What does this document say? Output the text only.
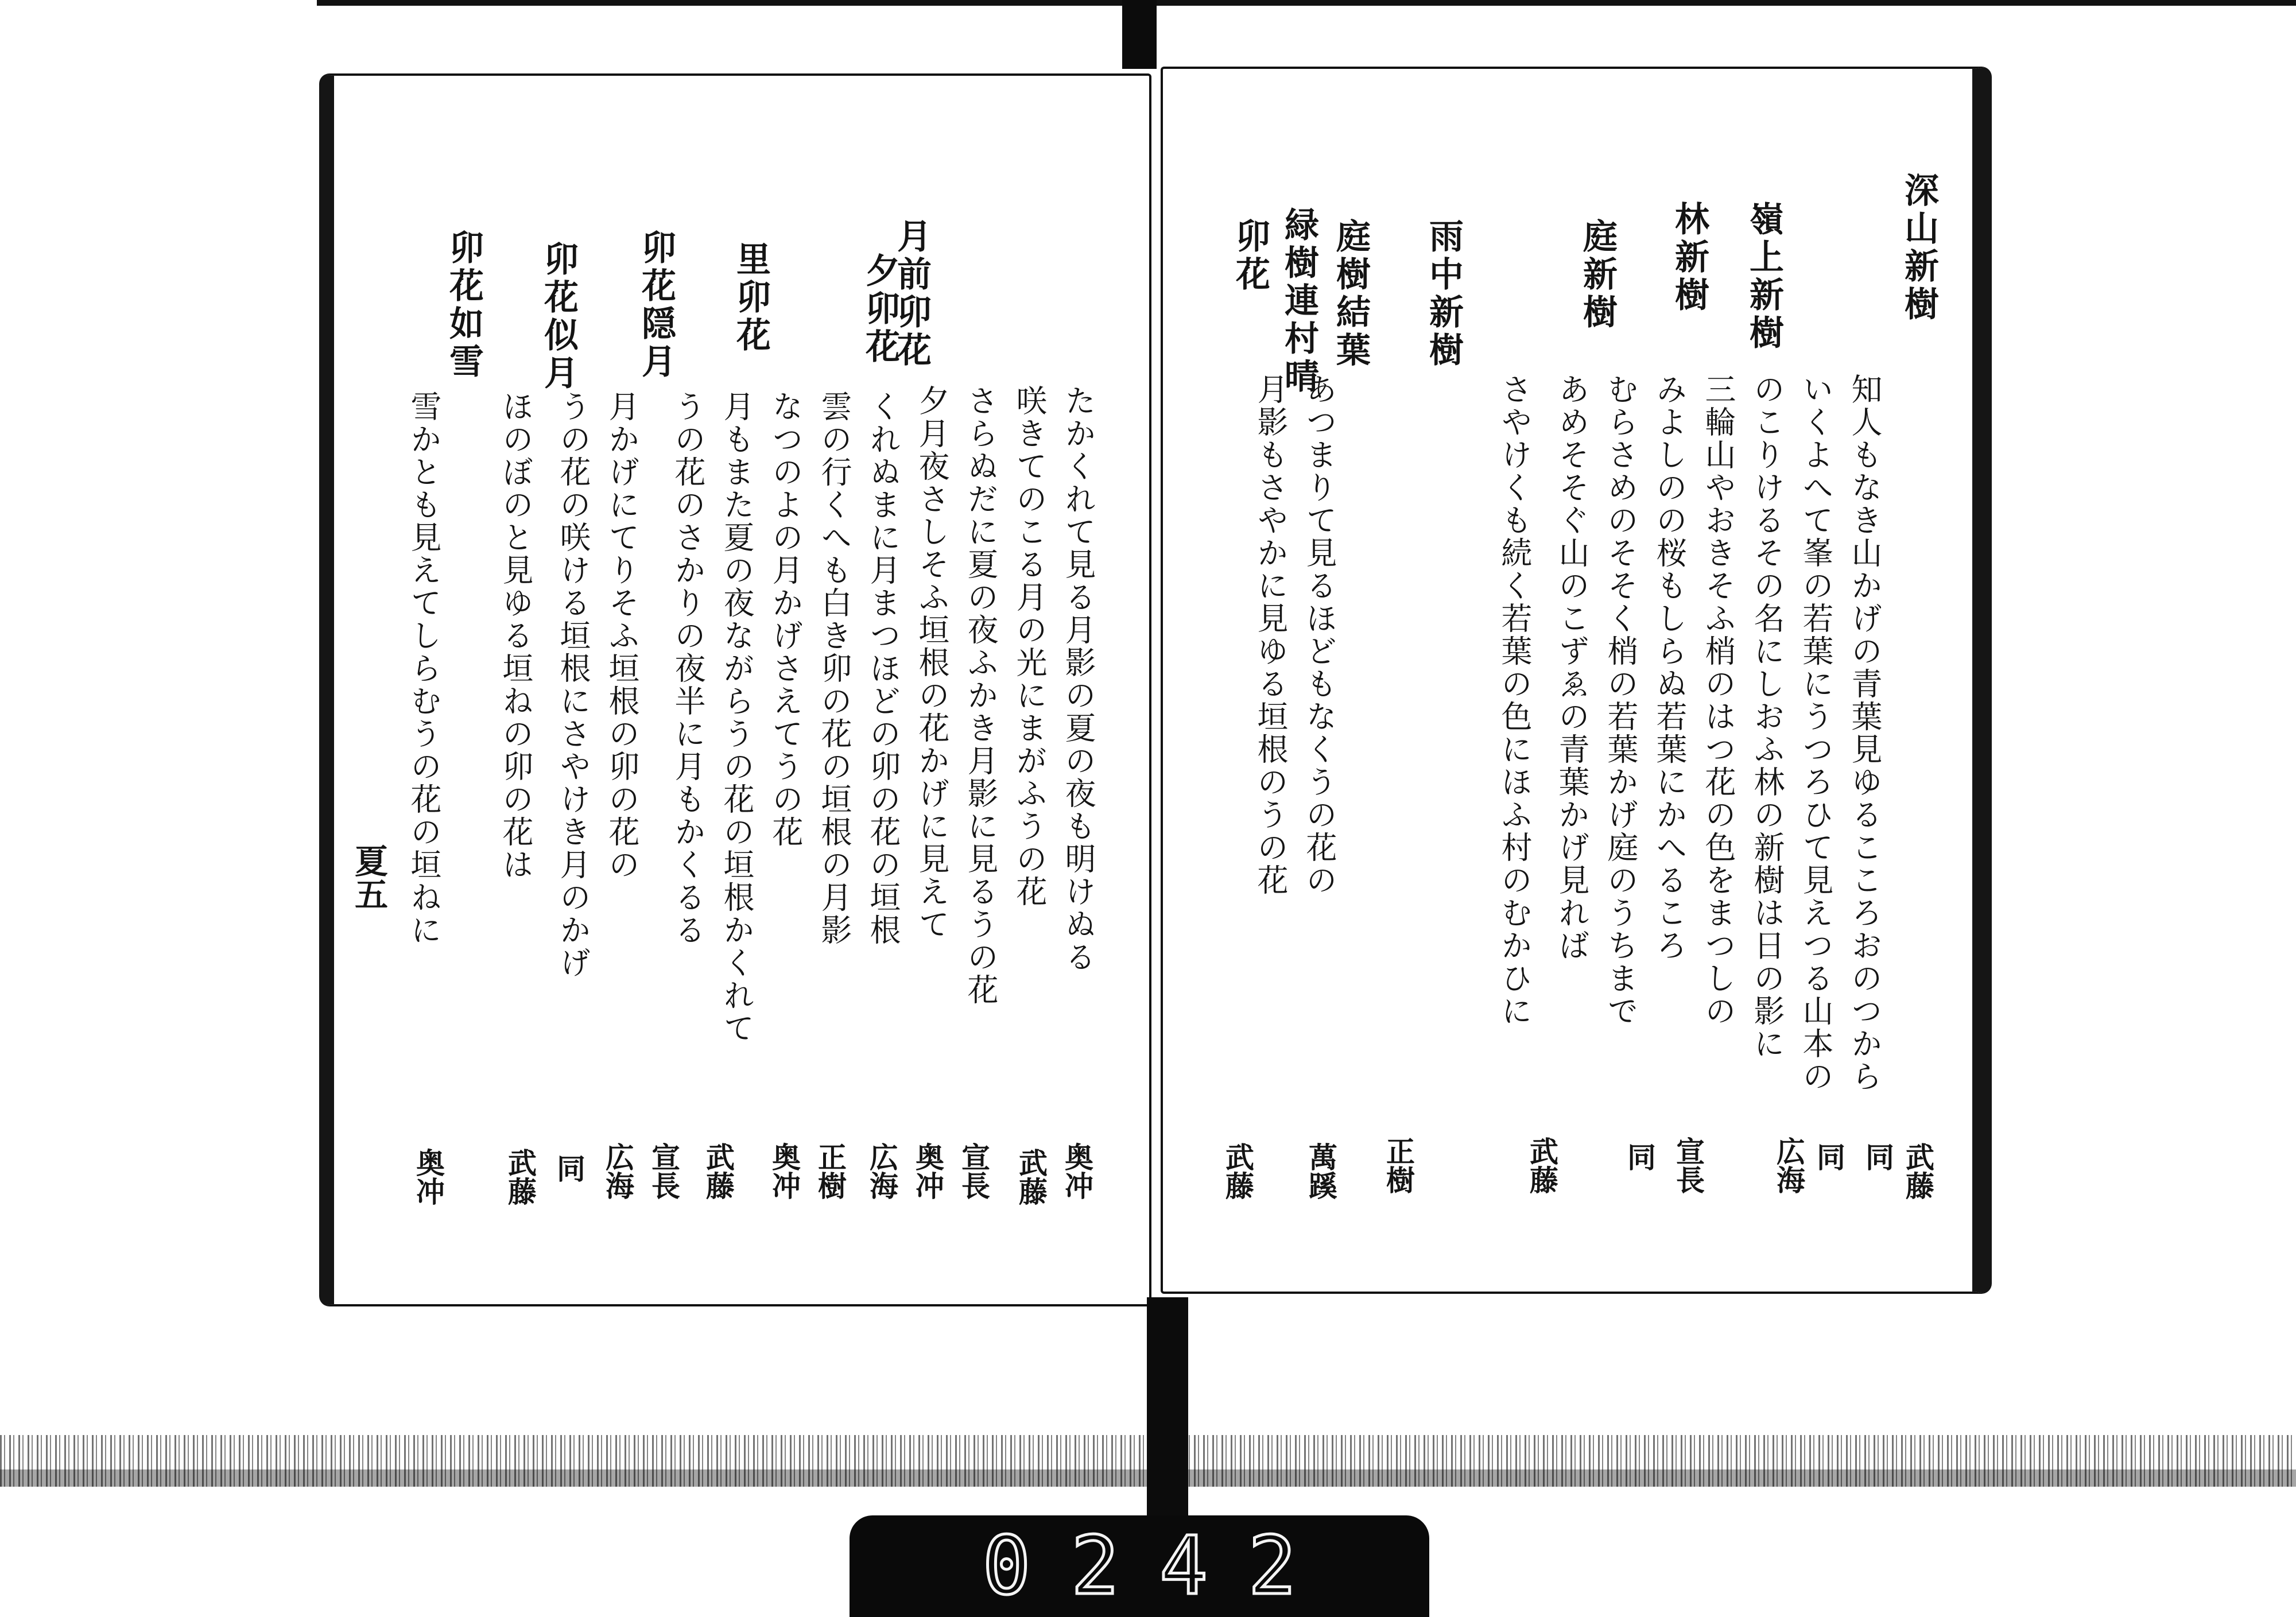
深山新樹
嶺上新樹
庭新樹
雨中新樹
庭樹結葉
卯花 緑樹連村晴	林新樹
知人もなき山かげの青葉見ゆるこころおのつから
いくよへて峯の若葉にうつろひて見えつる山本の
のこりけるその名にしおふ林の新樹は日の影に
三輪山やおきそふ梢のはつ花の色をまつしの
みよしのの桜もしらぬ若葉にかへるころ
むらさめのそそく梢の若葉かげ庭のうちまで
あめそそぐ山のこずゑの青葉かげ見れば
さやけくも続く若葉の色にほふ村のむかひに
あつまりて見るほどもなくうの花の
月影もさやかに見ゆる垣根のうの花
武藤
同
同
宣長 広海
同
武藤
正樹
萬蹊
武藤
夕卯花
里卯花
卯花隠月	月前卯花
卯花似月
卯花如雪
たかくれて見る月影の夏の夜も明けぬる
咲きてのこる月の光にまがふうの花
さらぬだに夏の夜ふかき月影に見るうの花
夕月夜さしそふ垣根の花かげに見えて
くれぬまに月まつほどの卯の花の垣根
雲の行くへも白き卯の花の垣根の月影
なつのよの月かげさえてうの花
月もまた夏の夜ながらうの花の垣根かくれて
うの花のさかりの夜半に月もかくるる
月かげにてりそふ垣根の卯の花の
うの花の咲ける垣根にさやけき月のかげ
ほのぼのと見ゆる垣ねの卯の花は
雪かとも見えてしらむうの花の垣ねに
奥冲
武藤
宣長
奥冲
広海
正樹
奥冲
武藤
広海 宣長
同
武藤
奥冲
夏五
0242
